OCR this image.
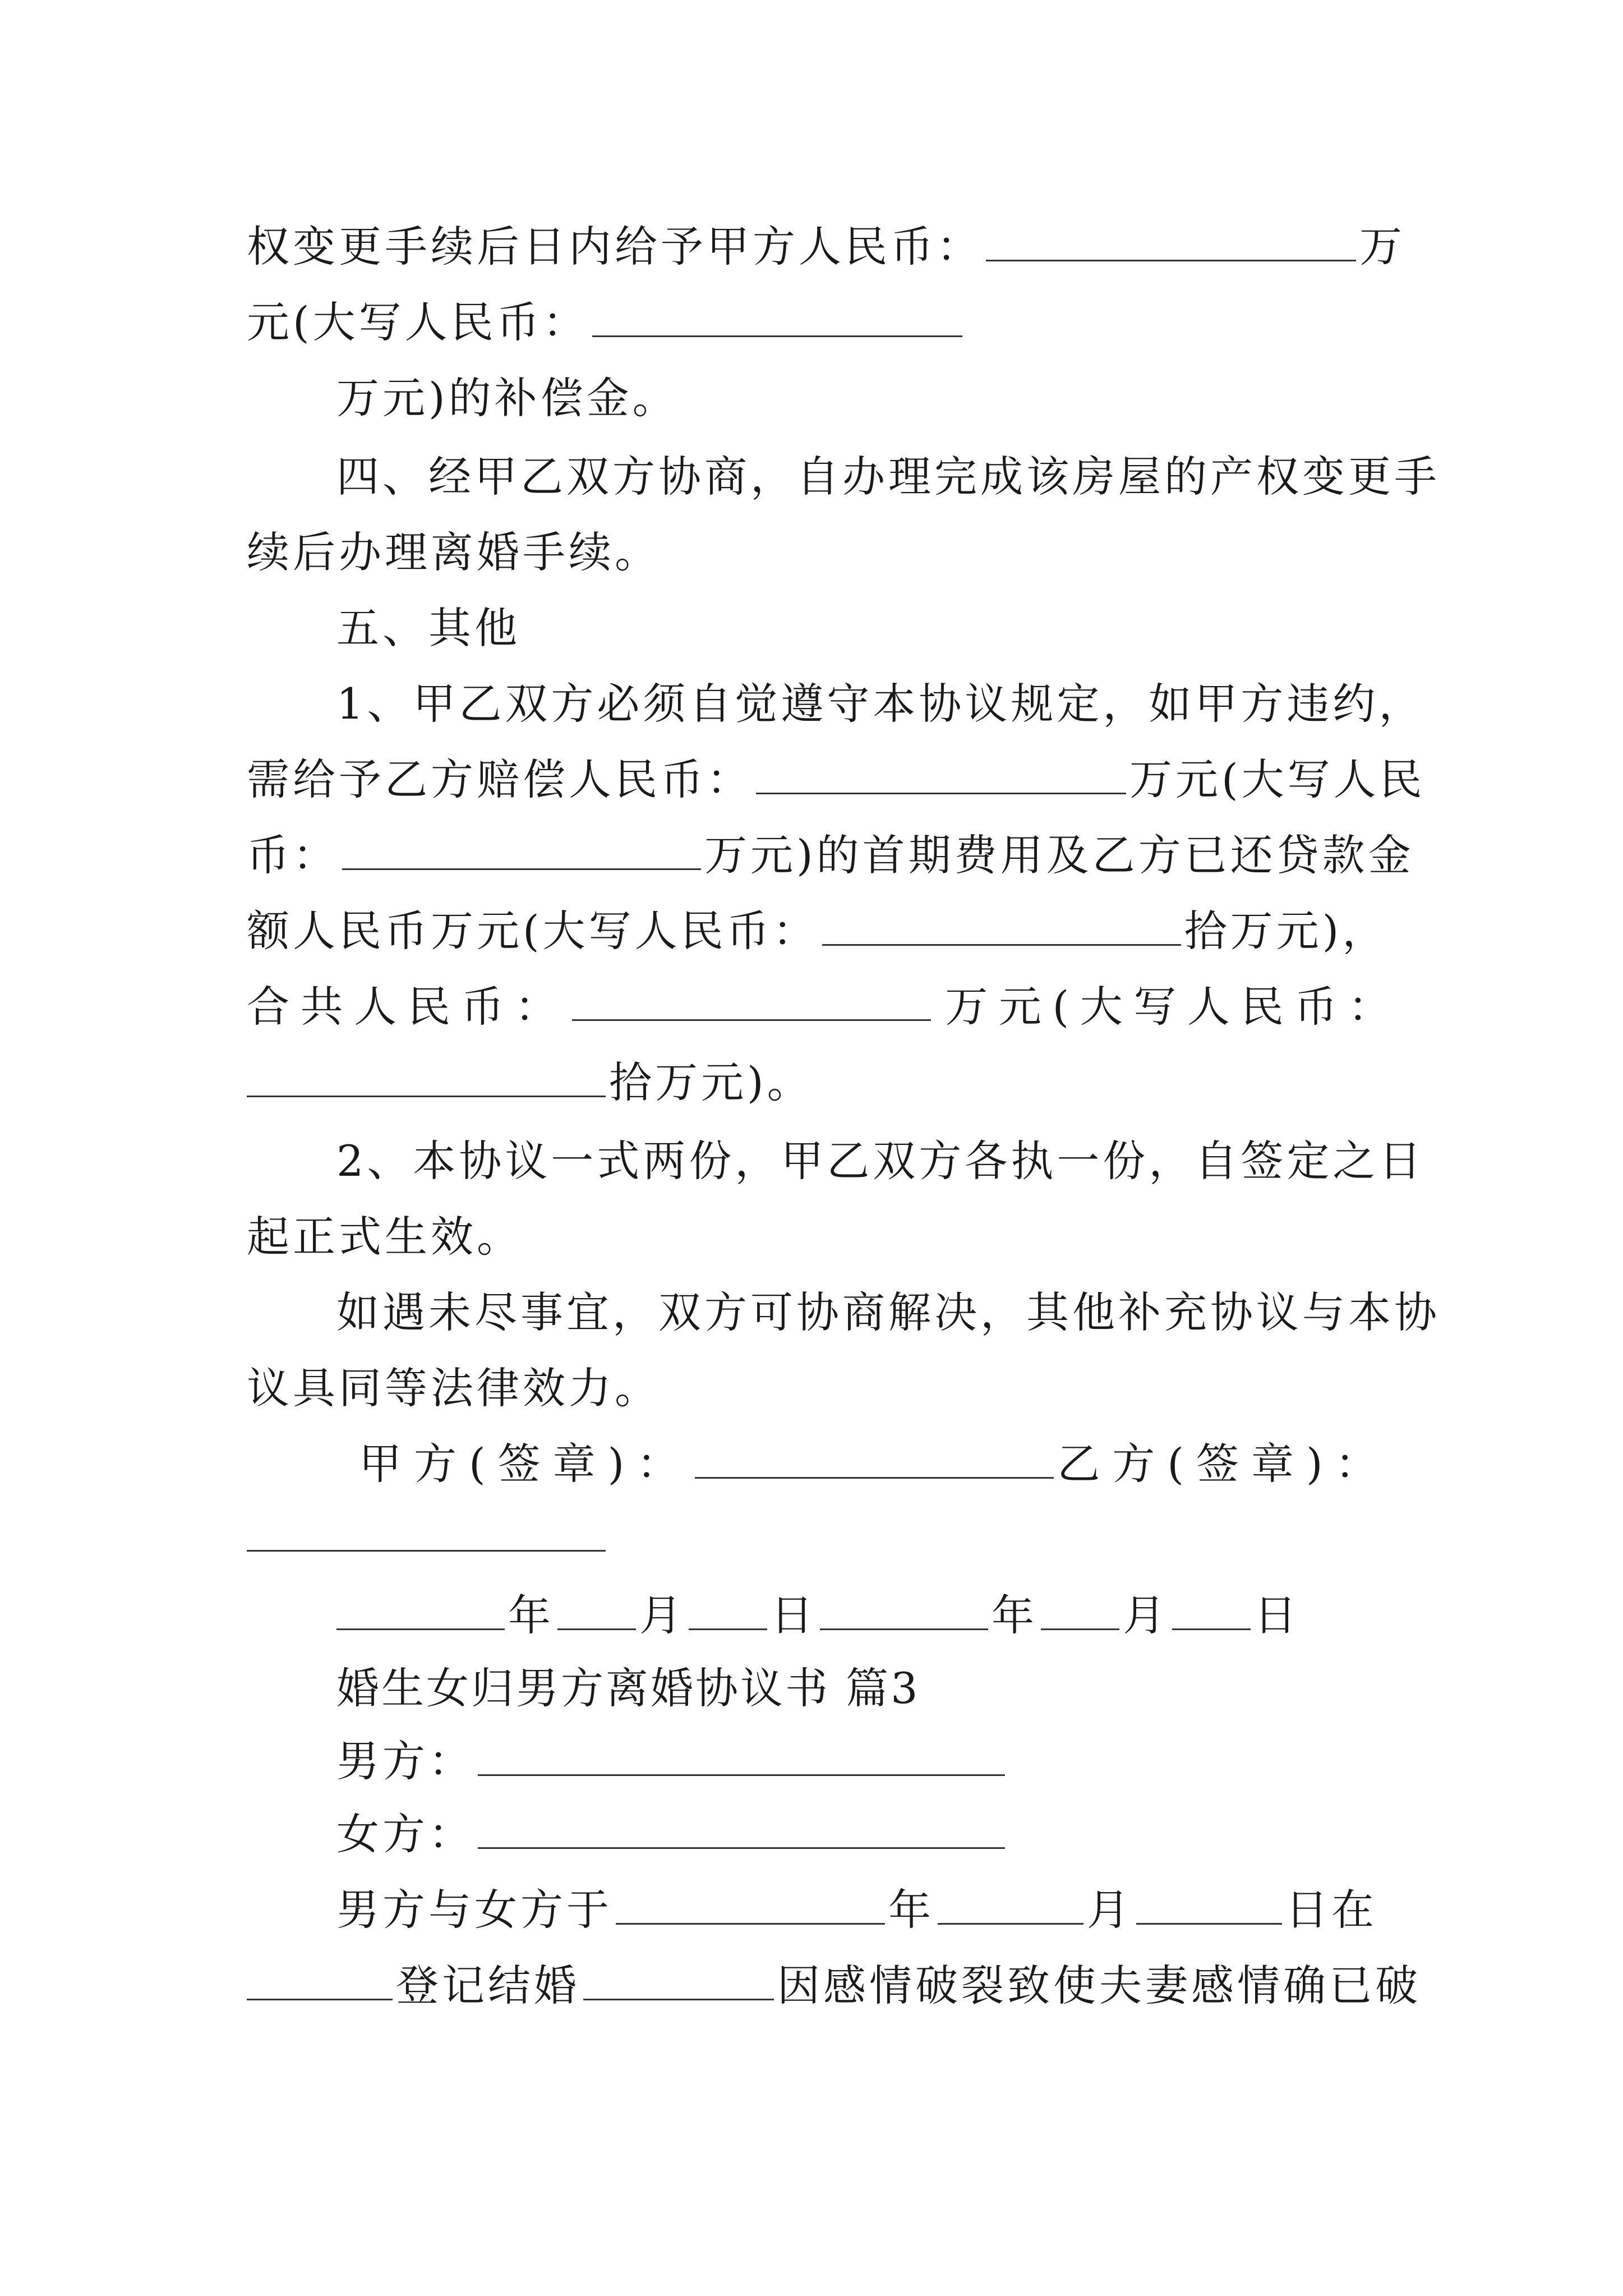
权变更手续后日内给予甲方人民币：	万
元(大写人民币：
万元)的补偿金。
四、经甲乙双方协商，自办理完成该房屋的产权变更手
续后办理离婚手续。
五、其他
1、甲乙双方必须自觉遵守本协议规定，如甲方违约，
需给予乙方赔偿人民币：	万元(大写人民
币：	万元)的首期费用及乙方已还贷款金
额人民币万元(大写人民币：	拾万元)，
合 共 人 民 币 ：	万 元 ( 大 写 人 民 币 ：
拾万元)。
2、本协议一式两份，甲乙双方各执一份，自签定之日
起正式生效。
如遇未尽事宜，双方可协商解决，其他补充协议与本协
议具同等法律效力。
甲方(签章)：	乙方(签章)：
年 月 日	年 月 日
婚生女归男方离婚协议书 篇3
男方：
女方：
男方与女方于	年	月	日在
登记结婚	因感情破裂致使夫妻感情确已破
